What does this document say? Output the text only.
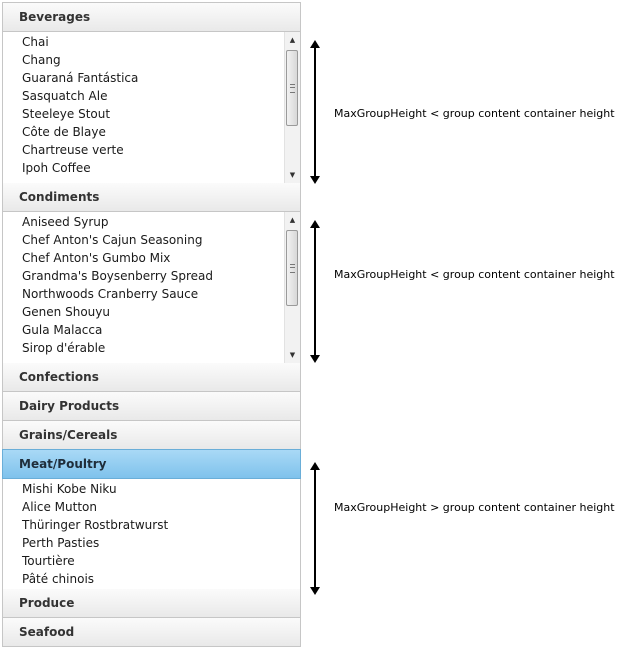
Beverages
Chai
Chang
Guaraná Fantástica
Sasquatch Ale
Steeleye Stout
Côte de Blaye
Chartreuse verte
Ipoh Coffee
▲
▼
Condiments
Aniseed Syrup
Chef Anton's Cajun Seasoning
Chef Anton's Gumbo Mix
Grandma's Boysenberry Spread
Northwoods Cranberry Sauce
Genen Shouyu
Gula Malacca
Sirop d'érable
▲
▼
Confections
Dairy Products
Grains/Cereals
Meat/Poultry
Mishi Kobe Niku
Alice Mutton
Thüringer Rostbratwurst
Perth Pasties
Tourtière
Pâté chinois
Produce
Seafood
MaxGroupHeight < group content container height
MaxGroupHeight < group content container height
MaxGroupHeight > group content container height
